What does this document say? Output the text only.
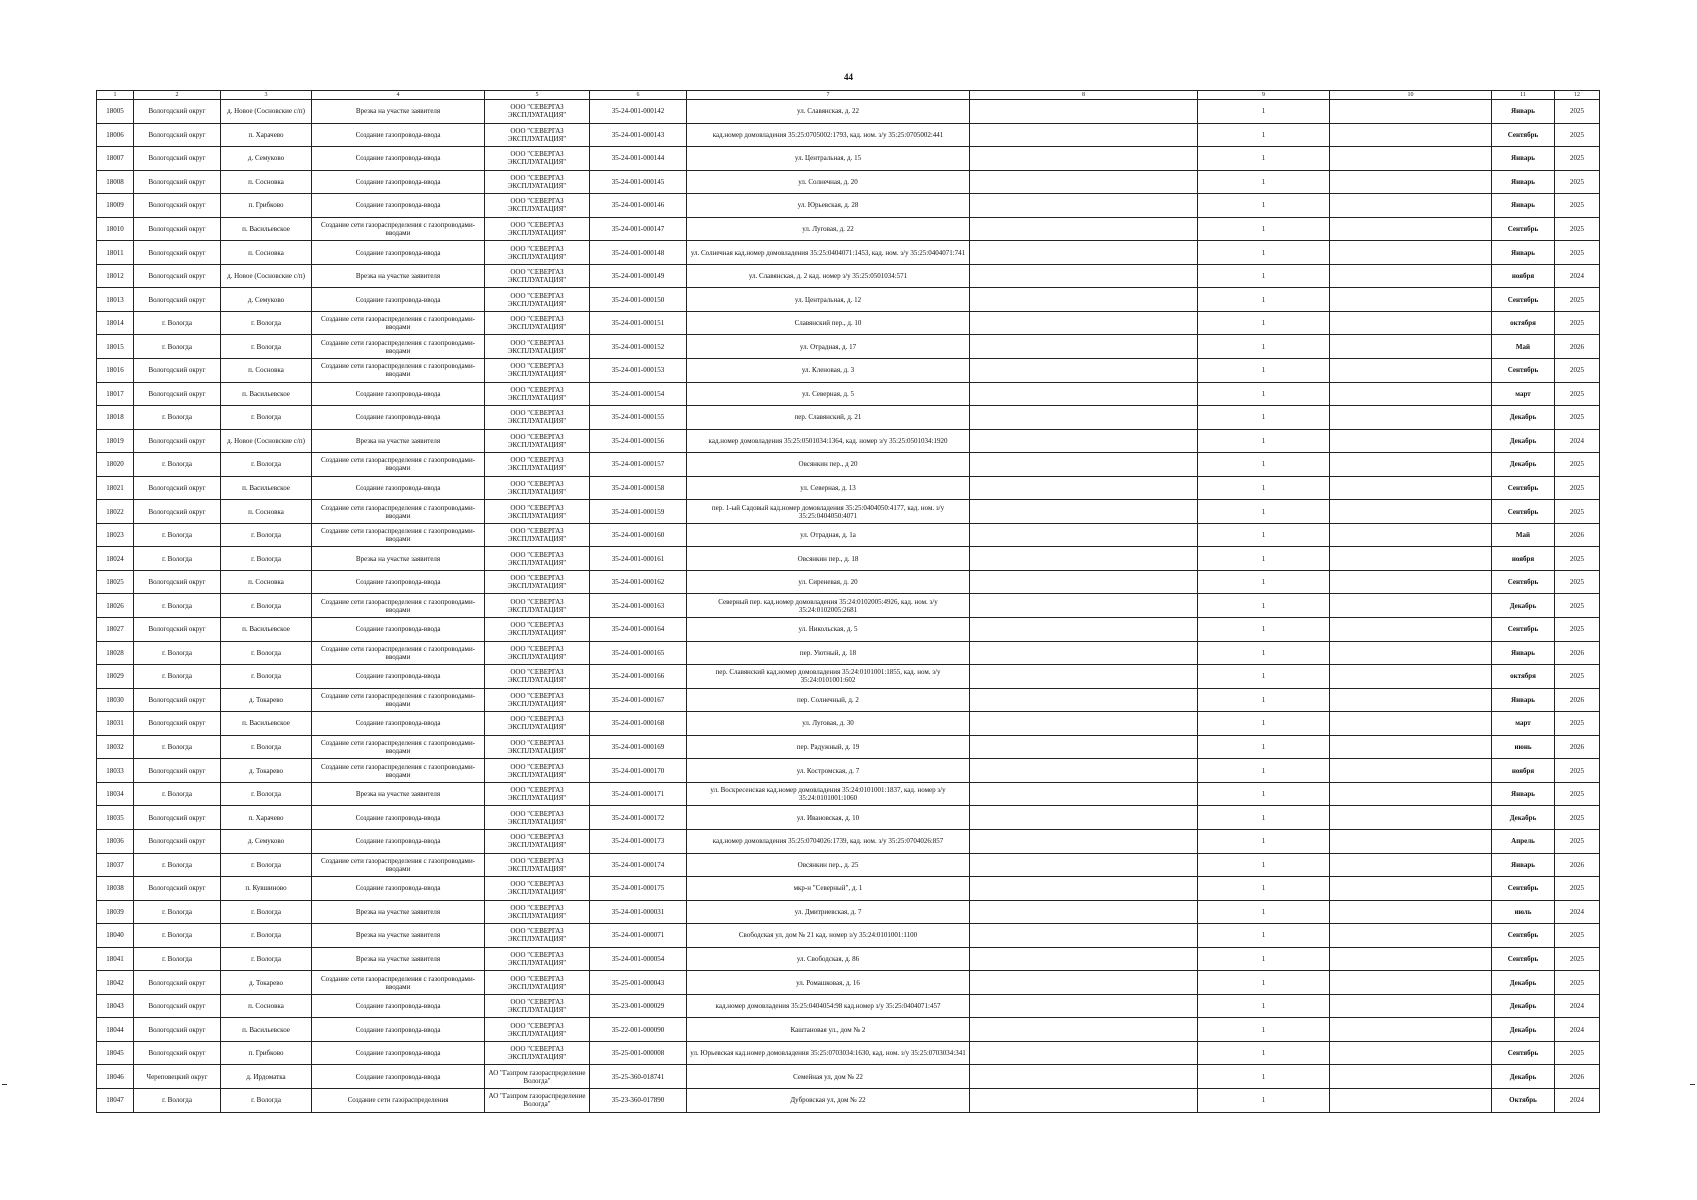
44
1	2	3	4	5	6	7	8	9	10	11	12
18005	Вологодский округ	д. Новое (Сосновские с/п)	Врезка на участке заявителя	ООО "СЕВЕРГАЗ ЭКСПЛУАТАЦИЯ"	35-24-001-000142	ул. Славянская, д. 22		1		Январь	2025
18006	Вологодский округ	п. Харачево	Создание газопровода-ввода	ООО "СЕВЕРГАЗ ЭКСПЛУАТАЦИЯ"	35-24-001-000143	кад.номер домовладения 35:25:0705002:1793, кад. ном. з/у 35:25:0705002:441		1		Сентябрь	2025
18007	Вологодский округ	д. Семуково	Создание газопровода-ввода	ООО "СЕВЕРГАЗ ЭКСПЛУАТАЦИЯ"	35-24-001-000144	ул. Центральная, д. 15		1		Январь	2025
18008	Вологодский округ	п. Сосновка	Создание газопровода-ввода	ООО "СЕВЕРГАЗ ЭКСПЛУАТАЦИЯ"	35-24-001-000145	ул. Солнечная, д. 20		1		Январь	2025
18009	Вологодский округ	п. Грибково	Создание газопровода-ввода	ООО "СЕВЕРГАЗ ЭКСПЛУАТАЦИЯ"	35-24-001-000146	ул. Юрьевская, д. 28		1		Январь	2025
18010	Вологодский округ	п. Васильевское	Создание сети газораспределения с газопроводами-вводами	ООО "СЕВЕРГАЗ ЭКСПЛУАТАЦИЯ"	35-24-001-000147	ул. Луговая, д. 22		1		Сентябрь	2025
18011	Вологодский округ	п. Сосновка	Создание газопровода-ввода	ООО "СЕВЕРГАЗ ЭКСПЛУАТАЦИЯ"	35-24-001-000148	ул. Солнечная кад.номер домовладения 35:25:0404071:1453, кад. ном. з/у 35:25:0404071:741		1		Январь	2025
18012	Вологодский округ	д. Новое (Сосновские с/п)	Врезка на участке заявителя	ООО "СЕВЕРГАЗ ЭКСПЛУАТАЦИЯ"	35-24-001-000149	ул. Славянская, д. 2 кад. номер з/у 35:25:0501034:571		1		ноября	2024
18013	Вологодский округ	д. Семуково	Создание газопровода-ввода	ООО "СЕВЕРГАЗ ЭКСПЛУАТАЦИЯ"	35-24-001-000150	ул. Центральная, д. 12		1		Сентябрь	2025
18014	г. Вологда	г. Вологда	Создание сети газораспределения с газопроводами-вводами	ООО "СЕВЕРГАЗ ЭКСПЛУАТАЦИЯ"	35-24-001-000151	Славянский пер., д. 10		1		октября	2025
18015	г. Вологда	г. Вологда	Создание сети газораспределения с газопроводами-вводами	ООО "СЕВЕРГАЗ ЭКСПЛУАТАЦИЯ"	35-24-001-000152	ул. Отрадная, д. 17		1		Май	2026
18016	Вологодский округ	п. Сосновка	Создание сети газораспределения с газопроводами-вводами	ООО "СЕВЕРГАЗ ЭКСПЛУАТАЦИЯ"	35-24-001-000153	ул. Кленовая, д. 3		1		Сентябрь	2025
18017	Вологодский округ	п. Васильевское	Создание газопровода-ввода	ООО "СЕВЕРГАЗ ЭКСПЛУАТАЦИЯ"	35-24-001-000154	ул. Северная, д. 5		1		март	2025
18018	г. Вологда	г. Вологда	Создание газопровода-ввода	ООО "СЕВЕРГАЗ ЭКСПЛУАТАЦИЯ"	35-24-001-000155	пер. Славянский, д. 21		1		Декабрь	2025
18019	Вологодский округ	д. Новое (Сосновские с/п)	Врезка на участке заявителя	ООО "СЕВЕРГАЗ ЭКСПЛУАТАЦИЯ"	35-24-001-000156	кад.номер домовладения 35:25:0501034:1364, кад. номер з/у 35:25:0501034:1920		1		Декабрь	2024
18020	г. Вологда	г. Вологда	Создание сети газораспределения с газопроводами-вводами	ООО "СЕВЕРГАЗ ЭКСПЛУАТАЦИЯ"	35-24-001-000157	Овсянкин пер., д 20		1		Декабрь	2025
18021	Вологодский округ	п. Васильевское	Создание газопровода-ввода	ООО "СЕВЕРГАЗ ЭКСПЛУАТАЦИЯ"	35-24-001-000158	ул. Северная, д. 13		1		Сентябрь	2025
18022	Вологодский округ	п. Сосновка	Создание сети газораспределения с газопроводами-вводами	ООО "СЕВЕРГАЗ ЭКСПЛУАТАЦИЯ"	35-24-001-000159	пер. 1-ый Садовый кад.номер домовладения 35:25:0404050:4177, кад. ном. з/у 35:25:0404050:4071		1		Сентябрь	2025
18023	г. Вологда	г. Вологда	Создание сети газораспределения с газопроводами-вводами	ООО "СЕВЕРГАЗ ЭКСПЛУАТАЦИЯ"	35-24-001-000160	ул. Отрадная, д. 1а		1		Май	2026
18024	г. Вологда	г. Вологда	Врезка на участке заявителя	ООО "СЕВЕРГАЗ ЭКСПЛУАТАЦИЯ"	35-24-001-000161	Овсянкин пер., д. 18		1		ноября	2025
18025	Вологодский округ	п. Сосновка	Создание газопровода-ввода	ООО "СЕВЕРГАЗ ЭКСПЛУАТАЦИЯ"	35-24-001-000162	ул. Сиреневая, д. 20		1		Сентябрь	2025
18026	г. Вологда	г. Вологда	Создание сети газораспределения с газопроводами-вводами	ООО "СЕВЕРГАЗ ЭКСПЛУАТАЦИЯ"	35-24-001-000163	Северный пер. кад.номер домовладения 35:24:0102005:4926, кад. ном. з/у 35:24:0102005:2681		1		Декабрь	2025
18027	Вологодский округ	п. Васильевское	Создание газопровода-ввода	ООО "СЕВЕРГАЗ ЭКСПЛУАТАЦИЯ"	35-24-001-000164	ул. Никольская, д. 5		1		Сентябрь	2025
18028	г. Вологда	г. Вологда	Создание сети газораспределения с газопроводами-вводами	ООО "СЕВЕРГАЗ ЭКСПЛУАТАЦИЯ"	35-24-001-000165	пер. Уютный, д. 18		1		Январь	2026
18029	г. Вологда	г. Вологда	Создание газопровода-ввода	ООО "СЕВЕРГАЗ ЭКСПЛУАТАЦИЯ"	35-24-001-000166	пер. Славянский кад.номер домовладения 35:24:0101001:1855, кад. ном. з/у 35:24:0101001:602		1		октября	2025
18030	Вологодский округ	д. Токарево	Создание сети газораспределения с газопроводами-вводами	ООО "СЕВЕРГАЗ ЭКСПЛУАТАЦИЯ"	35-24-001-000167	пер. Солнечный, д. 2		1		Январь	2026
18031	Вологодский округ	п. Васильевское	Создание газопровода-ввода	ООО "СЕВЕРГАЗ ЭКСПЛУАТАЦИЯ"	35-24-001-000168	ул. Луговая, д. 30		1		март	2025
18032	г. Вологда	г. Вологда	Создание сети газораспределения с газопроводами-вводами	ООО "СЕВЕРГАЗ ЭКСПЛУАТАЦИЯ"	35-24-001-000169	пер. Радужный, д. 19		1		июнь	2026
18033	Вологодский округ	д. Токарево	Создание сети газораспределения с газопроводами-вводами	ООО "СЕВЕРГАЗ ЭКСПЛУАТАЦИЯ"	35-24-001-000170	ул. Костромская, д. 7		1		ноября	2025
18034	г. Вологда	г. Вологда	Врезка на участке заявителя	ООО "СЕВЕРГАЗ ЭКСПЛУАТАЦИЯ"	35-24-001-000171	ул. Воскресенская кад.номер домовладения 35:24:0101001:1837, кад. номер з/у 35:24:0101001:1060		1		Январь	2025
18035	Вологодский округ	п. Харачево	Создание газопровода-ввода	ООО "СЕВЕРГАЗ ЭКСПЛУАТАЦИЯ"	35-24-001-000172	ул. Ивановская, д. 10		1		Декабрь	2025
18036	Вологодский округ	д. Семуково	Создание газопровода-ввода	ООО "СЕВЕРГАЗ ЭКСПЛУАТАЦИЯ"	35-24-001-000173	кад.номер домовладения 35:25:0704026:1739, кад. ном. з/у 35:25:0704026:857		1		Апрель	2025
18037	г. Вологда	г. Вологда	Создание сети газораспределения с газопроводами-вводами	ООО "СЕВЕРГАЗ ЭКСПЛУАТАЦИЯ"	35-24-001-000174	Овсянкин пер., д. 25		1		Январь	2026
18038	Вологодский округ	п. Кувшиново	Создание газопровода-ввода	ООО "СЕВЕРГАЗ ЭКСПЛУАТАЦИЯ"	35-24-001-000175	мкр-н "Северный", д. 1		1		Сентябрь	2025
18039	г. Вологда	г. Вологда	Врезка на участке заявителя	ООО "СЕВЕРГАЗ ЭКСПЛУАТАЦИЯ"	35-24-001-000031	ул. Дмитриевская, д. 7		1		июль	2024
18040	г. Вологда	г. Вологда	Врезка на участке заявителя	ООО "СЕВЕРГАЗ ЭКСПЛУАТАЦИЯ"	35-24-001-000071	Свободская ул, дом № 21 кад. номер з/у 35:24:0101001:1100		1		Сентябрь	2025
18041	г. Вологда	г. Вологда	Врезка на участке заявителя	ООО "СЕВЕРГАЗ ЭКСПЛУАТАЦИЯ"	35-24-001-000054	ул. Свободская, д. 86		1		Сентябрь	2025
18042	Вологодский округ	д. Токарево	Создание сети газораспределения с газопроводами-вводами	ООО "СЕВЕРГАЗ ЭКСПЛУАТАЦИЯ"	35-25-001-000043	ул. Ромашковая, д. 16		1		Декабрь	2025
18043	Вологодский округ	п. Сосновка	Создание газопровода-ввода	ООО "СЕВЕРГАЗ ЭКСПЛУАТАЦИЯ"	35-23-001-000029	кад.номер домовладения 35:25:0404054:98 кад.номер з/у 35:25:0404071:457		1		Декабрь	2024
18044	Вологодский округ	п. Васильевское	Создание газопровода-ввода	ООО "СЕВЕРГАЗ ЭКСПЛУАТАЦИЯ"	35-22-001-000090	Каштановая ул., дом № 2		1		Декабрь	2024
18045	Вологодский округ	п. Грибково	Создание газопровода-ввода	ООО "СЕВЕРГАЗ ЭКСПЛУАТАЦИЯ"	35-25-001-000008	ул. Юрьевская кад.номер домовладения 35:25:0703034:1630, кад. ном. з/у 35:25:0703034:341		1		Сентябрь	2025
18046	Череповецкий округ	д. Ирдоматка	Создание газопровода-ввода	АО "Газпром газораспределение Вологда"	35-25-360-018741	Семейная ул, дом № 22		1		Декабрь	2026
18047	г. Вологда	г. Вологда	Создание сети газораспределения	АО "Газпром газораспределение Вологда"	35-23-360-017890	Дубровская ул, дом № 22		1		Октябрь	2024
